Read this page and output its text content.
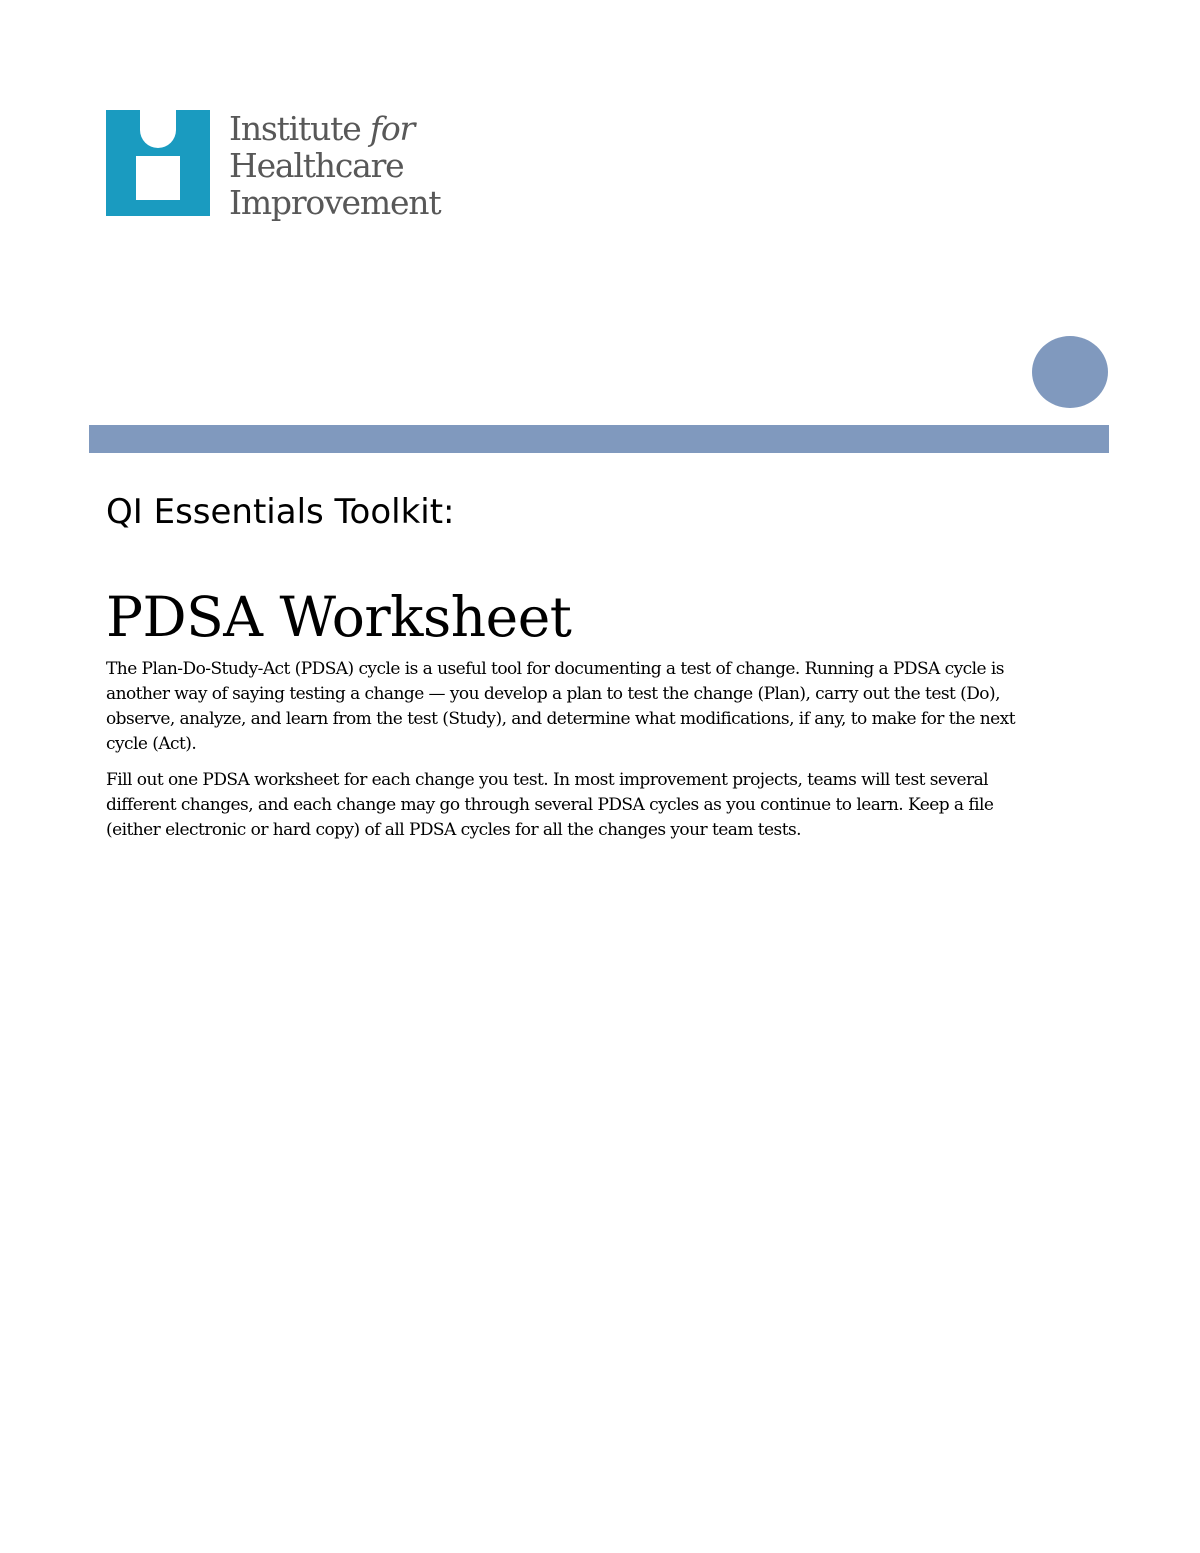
Institute for
Healthcare
Improvement
QI Essentials Toolkit:
PDSA Worksheet
The Plan-Do-Study-Act (PDSA) cycle is a useful tool for documenting a test of change. Running a PDSA cycle is
another way of saying testing a change — you develop a plan to test the change (Plan), carry out the test (Do),
observe, analyze, and learn from the test (Study), and determine what modifications, if any, to make for the next
cycle (Act).
Fill out one PDSA worksheet for each change you test. In most improvement projects, teams will test several
different changes, and each change may go through several PDSA cycles as you continue to learn. Keep a file
(either electronic or hard copy) of all PDSA cycles for all the changes your team tests.
